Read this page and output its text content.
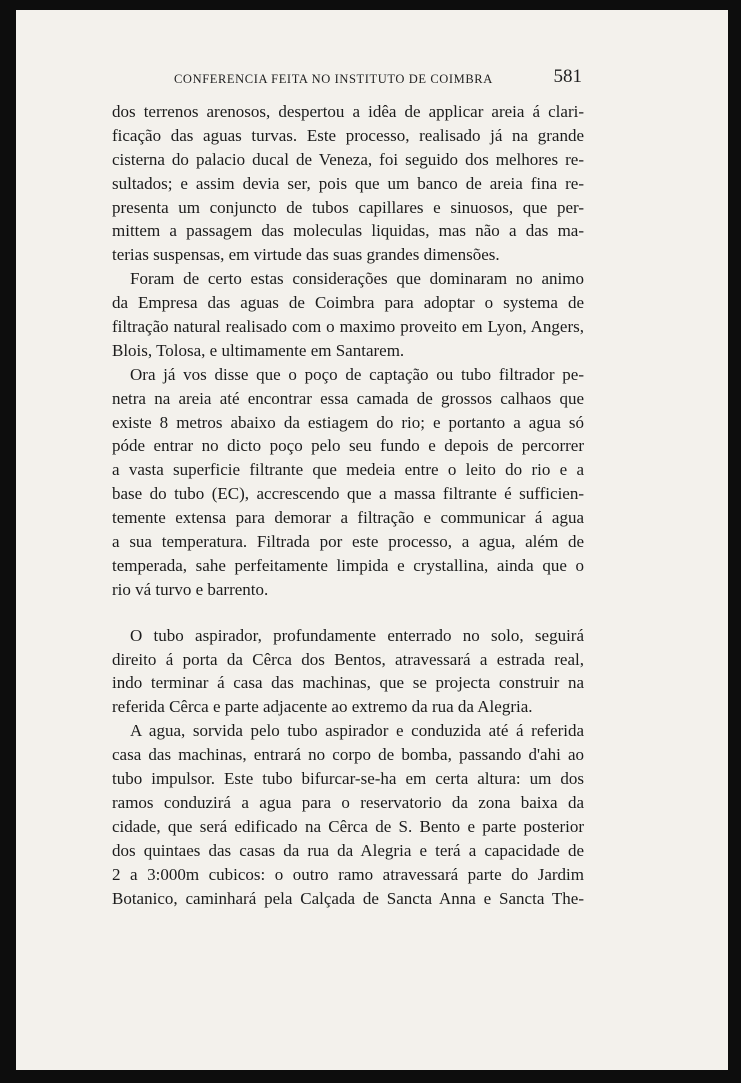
CONFERENCIA FEITA NO INSTITUTO DE COIMBRA	581

dos terrenos arenosos, despertou a idêa de applicar areia á clari-
ficação das aguas turvas. Este processo, realisado já na grande
cisterna do palacio ducal de Veneza, foi seguido dos melhores re-
sultados; e assim devia ser, pois que um banco de areia fina re-
presenta um conjuncto de tubos capillares e sinuosos, que per-
mittem a passagem das moleculas liquidas, mas não a das ma-
terias suspensas, em virtude das suas grandes dimensões.

Foram de certo estas considerações que dominaram no animo
da Empresa das aguas de Coimbra para adoptar o systema de
filtração natural realisado com o maximo proveito em Lyon, Angers,
Blois, Tolosa, e ultimamente em Santarem.

Ora já vos disse que o poço de captação ou tubo filtrador pe-
netra na areia até encontrar essa camada de grossos calhaos que
existe 8 metros abaixo da estiagem do rio; e portanto a agua só
póde entrar no dicto poço pelo seu fundo e depois de percorrer
a vasta superficie filtrante que medeia entre o leito do rio e a
base do tubo (EC), accrescendo que a massa filtrante é sufficien-
temente extensa para demorar a filtração e communicar á agua
a sua temperatura. Filtrada por este processo, a agua, além de
temperada, sahe perfeitamente limpida e crystallina, ainda que o
rio vá turvo e barrento.

O tubo aspirador, profundamente enterrado no solo, seguirá
direito á porta da Cêrca dos Bentos, atravessará a estrada real,
indo terminar á casa das machinas, que se projecta construir na
referida Cêrca e parte adjacente ao extremo da rua da Alegria.

A agua, sorvida pelo tubo aspirador e conduzida até á referida
casa das machinas, entrará no corpo de bomba, passando d'ahi ao
tubo impulsor. Este tubo bifurcar-se-ha em certa altura: um dos
ramos conduzirá a agua para o reservatorio da zona baixa da
cidade, que será edificado na Cêrca de S. Bento e parte posterior
dos quintaes das casas da rua da Alegria e terá a capacidade de
2 a 3:000m cubicos: o outro ramo atravessará parte do Jardim
Botanico, caminhará pela Calçada de Sancta Anna e Sancta The-
